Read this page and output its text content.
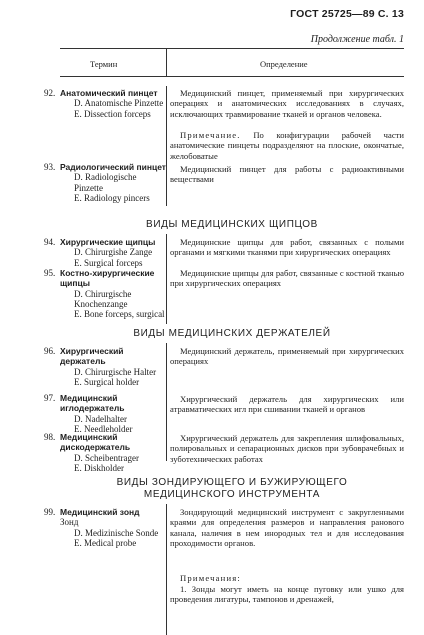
ГОСТ 25725—89 С. 13
Продолжение табл. 1
Термин	Определение
92. Анатомический пинцет
D. Anatomische Pinzette
E. Dissection forceps
Медицинский пинцет, применяемый при хирургических операциях и анатомических исследованиях в случаях, исключающих травмирование тканей и органов человека.
Примечание. По конфигурации рабочей части анатомические пинцеты подразделяют на плоские, окончатые, желобоватые
93. Радиологический пинцет
D. Radiologische Pinzette
E. Radiology pincers
Медицинский пинцет для работы с радиоактивными веществами
ВИДЫ МЕДИЦИНСКИХ ЩИПЦОВ
94. Хирургические щипцы
D. Chirurgishe Zange
E. Surgical forceps
Медицинские щипцы для работ, связанных с полыми органами и мягкими тканями при хирургических операциях
95. Костно-хирургические щипцы
D. Chirurgische Knochenzange
E. Bone forceps, surgical
Медицинские щипцы для работ, связанные с костной тканью при хирургических операциях
ВИДЫ МЕДИЦИНСКИХ ДЕРЖАТЕЛЕЙ
96. Хирургический держатель
D. Chirurgische Halter
E. Surgical holder
Медицинский держатель, применяемый при хирургических операциях
97. Медицинский иглодержатель
D. Nadelhalter
E. Needleholder
Хирургический держатель для хирургических или атравматических игл при сшивании тканей и органов
98. Медицинский дискодержатель
D. Scheibentrager
E. Diskholder
Хирургический держатель для закрепления шлифовальных, полировальных и сепарационных дисков при зубоврачебных и зуботехнических работах
ВИДЫ ЗОНДИРУЮЩЕГО И БУЖИРУЮЩЕГО
МЕДИЦИНСКОГО ИНСТРУМЕНТА
99. Медицинский зонд
Зонд
D. Medizinische Sonde
E. Medical probe
Зондирующий медицинский инструмент с закругленными краями для определения размеров и направления ранового канала, наличия в нем инородных тел и для исследования проходимости органов.
Примечания:
1. Зонды могут иметь на конце пуговку или ушко для проведения лигатуры, тампонов и дренажей,
